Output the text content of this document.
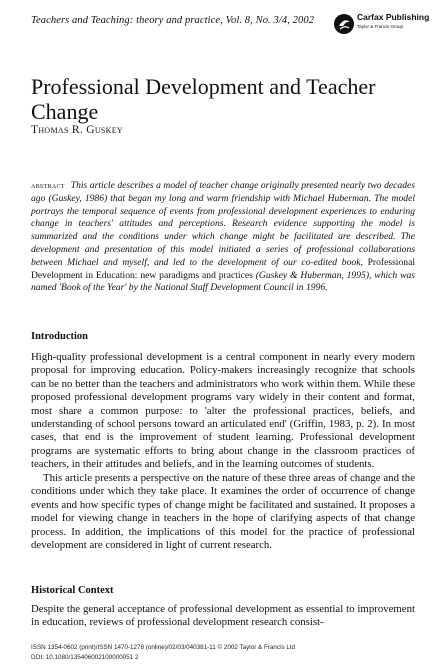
Teachers and Teaching: theory and practice, Vol. 8, No. 3/4, 2002	Carfax Publishing
Taylor & Francis Group
Professional Development and Teacher Change
Thomas R. Guskey

abstract This article describes a model of teacher change originally presented nearly two decades ago (Guskey, 1986) that began my long and warm friendship with Michael Huberman. The model portrays the temporal sequence of events from professional development experiences to enduring change in teachers' attitudes and perceptions. Research evidence supporting the model is summarized and the conditions under which change might be facilitated are described. The development and presentation of this model initiated a series of professional collaborations between Michael and myself, and led to the development of our co-edited book, Professional Development in Education: new paradigms and practices (Guskey & Huberman, 1995), which was named 'Book of the Year' by the National Staff Development Council in 1996.

Introduction

High-quality professional development is a central component in nearly every modern proposal for improving education. Policy-makers increasingly recognize that schools can be no better than the teachers and administrators who work within them. While these proposed professional development programs vary widely in their content and format, most share a common purpose: to 'alter the professional practices, beliefs, and understanding of school persons toward an articulated end' (Griffin, 1983, p. 2). In most cases, that end is the improvement of student learning. Professional development programs are systematic efforts to bring about change in the classroom practices of teachers, in their attitudes and beliefs, and in the learning outcomes of students.

This article presents a perspective on the nature of these three areas of change and the conditions under which they take place. It examines the order of occurrence of change events and how specific types of change might be facilitated and sustained. It proposes a model for viewing change in teachers in the hope of clarifying aspects of that change process. In addition, the implications of this model for the practice of professional development are considered in light of current research.

Historical Context

Despite the general acceptance of professional development as essential to improvement in education, reviews of professional development research consist-

ISSN 1354-0602 (print)/ISSN 1470-1278 (online)/02/03/040381-11 © 2002 Taylor & Francis Ltd
DOI: 10.1080/135406002100000051 2
